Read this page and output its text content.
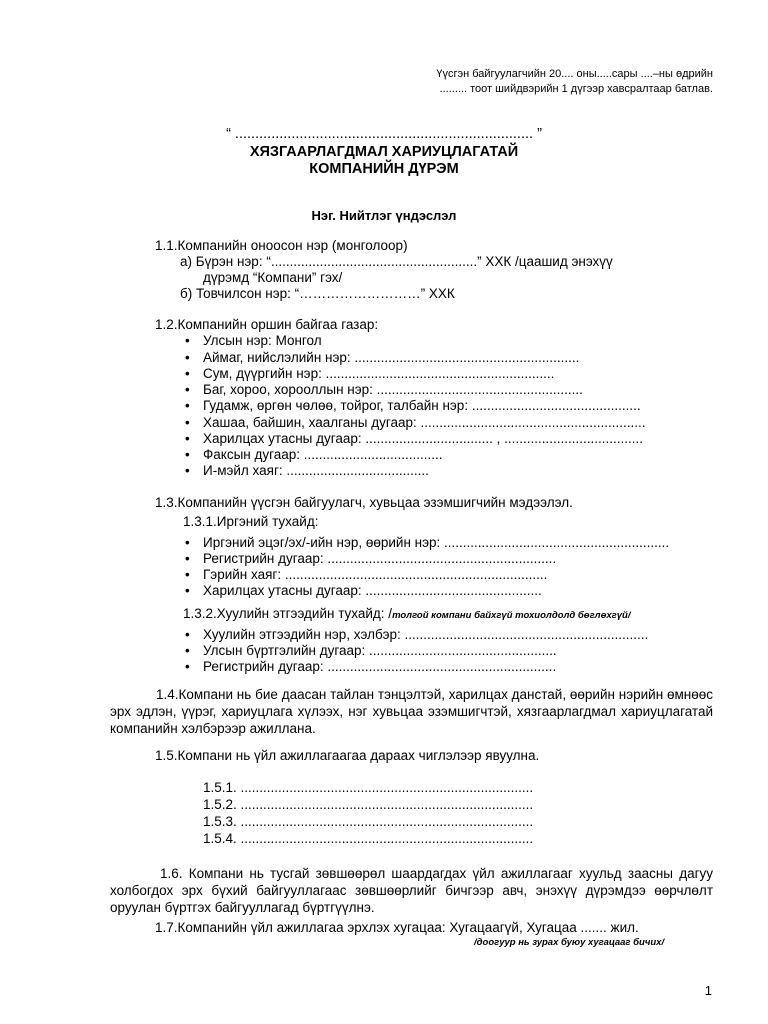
Үүсгэн байгуулагчийн 20.... оны.....сары ....–ны өдрийн
......... тоот шийдвэрийн 1 дүгээр хавсралтаар батлав.
“ .......................................................................... ”
ХЯЗГААРЛАГДМАЛ ХАРИУЦЛАГАТАЙ
КОМПАНИЙН ДҮРЭМ
Нэг. Нийтлэг үндэслэл
1.1.Компанийн оноосон нэр (монголоор)
а) Бүрэн нэр: “.......................................................” ХХК /цаашид энэхүү
дүрэмд “Компани” гэх/
б) Товчилсон нэр: “………………………” ХХК
1.2.Компанийн оршин байгаа газар:
• Улсын нэр: Монгол
• Аймаг, нийслэлийн нэр: ............................................................
• Сум, дүүргийн нэр: .............................................................
• Баг, хороо, хорооллын нэр: .......................................................
• Гудамж, өргөн чөлөө, тойрог, талбайн нэр: .............................................
• Хашаа, байшин, хаалганы дугаар: ............................................................
• Харилцах утасны дугаар: .................................. , .....................................
• Факсын дугаар: .....................................
• И-мэйл хаяг: ......................................
1.3.Компанийн үүсгэн байгуулагч, хувьцаа эзэмшигчийн мэдээлэл.
1.3.1.Иргэний тухайд:
• Иргэний эцэг/эх/-ийн нэр, өөрийн нэр: ............................................................
• Регистрийн дугаар: .............................................................
• Гэрийн хаяг: ......................................................................
• Харилцах утасны дугаар: ...............................................
1.3.2.Хуулийн этгээдийн тухайд: /толгой компани байхгүй тохиолдолд бөглөхгүй/
• Хуулийн этгээдийн нэр, хэлбэр: .................................................................
• Улсын бүртгэлийн дугаар: ..................................................
• Регистрийн дугаар: .............................................................
1.4.Компани нь бие даасан тайлан тэнцэлтэй, харилцах данстай, өөрийн нэрийн өмнөөс эрх эдлэн, үүрэг, хариуцлага хүлээх, нэг хувьцаа эзэмшигчтэй, хязгаарлагдмал хариуцлагатай компанийн хэлбэрээр ажиллана.
1.5.Компани нь үйл ажиллагаагаа дараах чиглэлээр явуулна.
1.5.1. ..............................................................................
1.5.2. ..............................................................................
1.5.3. ..............................................................................
1.5.4. ..............................................................................
1.6. Компани нь тусгай зөвшөөрөл шаардагдах үйл ажиллагааг хуульд заасны дагуу холбогдох эрх бүхий байгууллагаас зөвшөөрлийг бичгээр авч, энэхүү дүрэмдээ өөрчлөлт оруулан бүртгэх байгууллагад бүртгүүлнэ.
1.7.Компанийн үйл ажиллагаа эрхлэх хугацаа: Хугацаагүй, Хугацаа ....... жил.
/доогуур нь зурах буюу хугацааг бичих/
1
